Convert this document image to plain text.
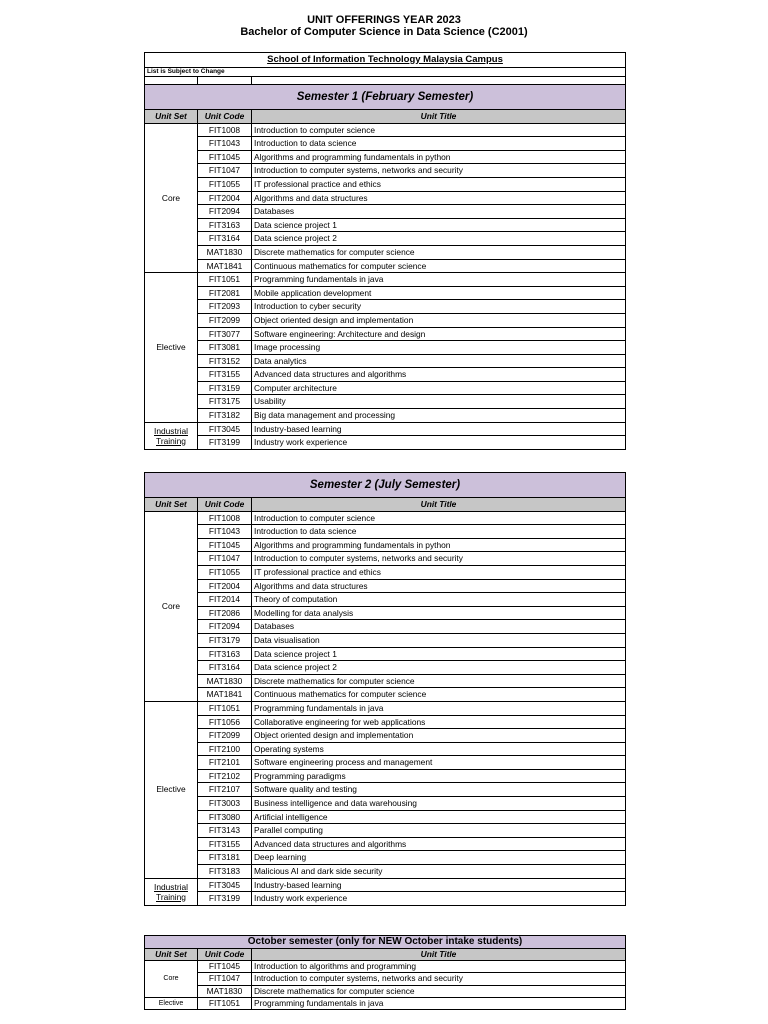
UNIT OFFERINGS YEAR 2023
Bachelor of Computer Science in Data Science (C2001)
School of Information Technology Malaysia Campus		
List is Subject to Change		

Semester 1 (February Semester)		
Unit Set	Unit Code	Unit Title
Core	FIT1008	Introduction to computer science
	FIT1043	Introduction to data science
	FIT1045	Algorithms and programming fundamentals in python
	FIT1047	Introduction to computer systems, networks and security
	FIT1055	IT professional practice and ethics
	FIT2004	Algorithms and data structures
	FIT2094	Databases
	FIT3163	Data science project 1
	FIT3164	Data science project 2
	MAT1830	Discrete mathematics for computer science
	MAT1841	Continuous mathematics for computer science
Elective	FIT1051	Programming fundamentals in java
	FIT2081	Mobile application development
	FIT2093	Introduction to cyber security
	FIT2099	Object oriented design and implementation
	FIT3077	Software engineering: Architecture and design
	FIT3081	Image processing
	FIT3152	Data analytics
	FIT3155	Advanced data structures and algorithms
	FIT3159	Computer architecture
	FIT3175	Usability
	FIT3182	Big data management and processing
Industrial
Training	FIT3045	Industry-based learning
	FIT3199	Industry work experience
Semester 2 (July Semester)		
Unit Set	Unit Code	Unit Title
Core	FIT1008	Introduction to computer science
	FIT1043	Introduction to data science
	FIT1045	Algorithms and programming fundamentals in python
	FIT1047	Introduction to computer systems, networks and security
	FIT1055	IT professional practice and ethics
	FIT2004	Algorithms and data structures
	FIT2014	Theory of computation
	FIT2086	Modelling for data analysis
	FIT2094	Databases
	FIT3179	Data visualisation
	FIT3163	Data science project 1
	FIT3164	Data science project 2
	MAT1830	Discrete mathematics for computer science
	MAT1841	Continuous mathematics for computer science
Elective	FIT1051	Programming fundamentals in java
	FIT1056	Collaborative engineering for web applications
	FIT2099	Object oriented design and implementation
	FIT2100	Operating systems
	FIT2101	Software engineering process and management
	FIT2102	Programming paradigms
	FIT2107	Software quality and testing
	FIT3003	Business intelligence and data warehousing
	FIT3080	Artificial intelligence
	FIT3143	Parallel computing
	FIT3155	Advanced data structures and algorithms
	FIT3181	Deep learning
	FIT3183	Malicious AI and dark side security
Industrial
Training	FIT3045	Industry-based learning
	FIT3199	Industry work experience
October semester (only for NEW October intake students)		
Unit Set	Unit Code	Unit Title
Core	FIT1045	Introduction to algorithms and programming
	FIT1047	Introduction to computer systems, networks and security
	MAT1830	Discrete mathematics for computer science
Elective	FIT1051	Programming fundamentals in java
